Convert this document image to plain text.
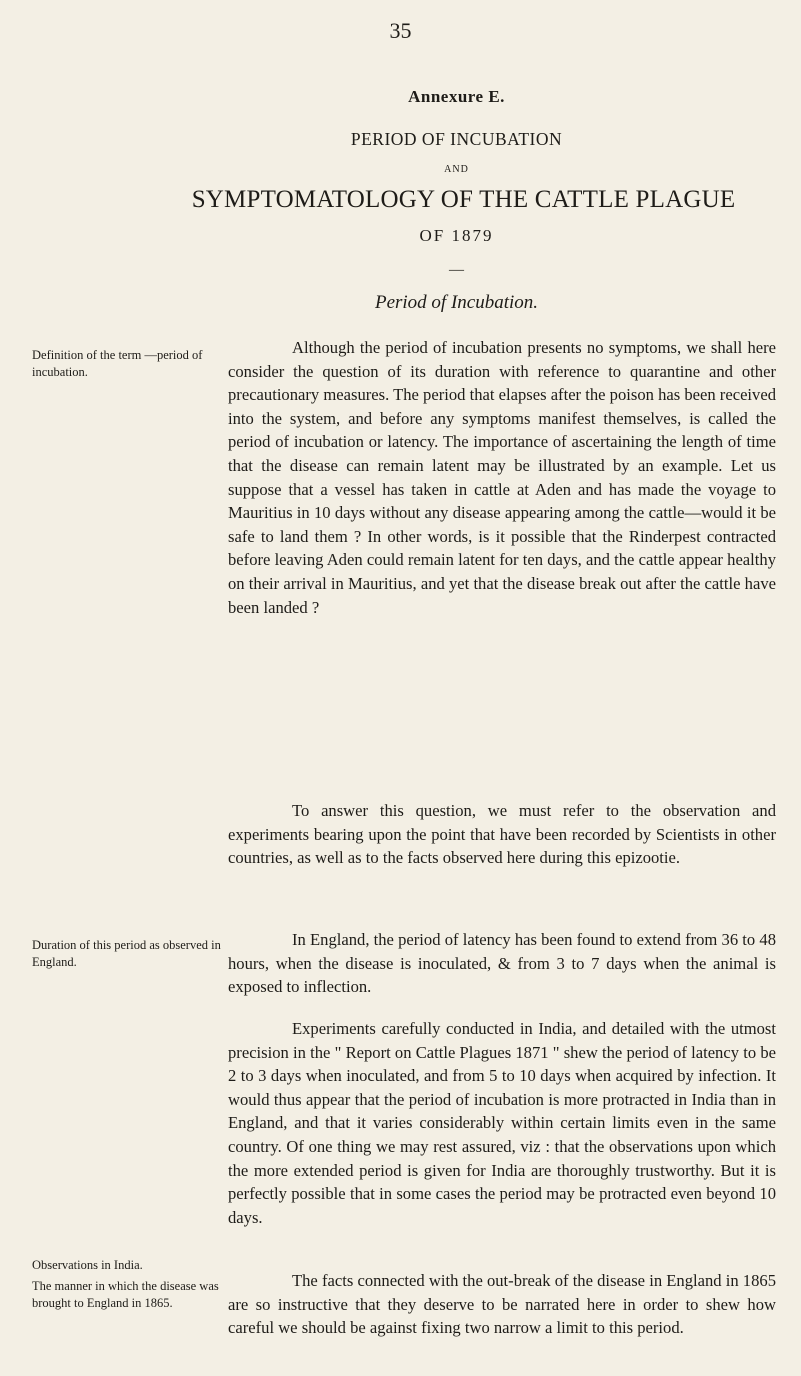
35
Annexure E.
PERIOD OF INCUBATION
AND
SYMPTOMATOLOGY OF THE CATTLE PLAGUE
OF 1879
—
Period of Incubation.

Definition of the term —period of incubation.

Although the period of incubation presents no symptoms, we shall here consider the question of its duration with reference to quarantine and other precautionary measures. The period that elapses after the poison has been received into the system, and before any symptoms manifest themselves, is called the period of incubation or latency. The importance of ascertaining the length of time that the disease can remain latent may be illustrated by an example. Let us suppose that a vessel has taken in cattle at Aden and has made the voyage to Mauritius in 10 days without any disease appearing among the cattle—would it be safe to land them ? In other words, is it possible that the Rinderpest contracted before leaving Aden could remain latent for ten days, and the cattle appear healthy on their arrival in Mauritius, and yet that the disease break out after the cattle have been landed ?

To answer this question, we must refer to the observation and experiments bearing upon the point that have been recorded by Scientists in other countries, as well as to the facts observed here during this epizootie.

Duration of this period as observed in England.

In England, the period of latency has been found to extend from 36 to 48 hours, when the disease is inoculated, & from 3 to 7 days when the animal is exposed to inflection.

Observations in India.

Experiments carefully conducted in India, and detailed with the utmost precision in the " Report on Cattle Plagues 1871 " shew the period of latency to be 2 to 3 days when inoculated, and from 5 to 10 days when acquired by infection. It would thus appear that the period of incubation is more protracted in India than in England, and that it varies considerably within certain limits even in the same country. Of one thing we may rest assured, viz : that the observations upon which the more extended period is given for India are thoroughly trustworthy. But it is perfectly possible that in some cases the period may be protracted even beyond 10 days.

The manner in which the disease was brought to England in 1865.

The facts connected with the out-break of the disease in England in 1865 are so instructive that they deserve to be narrated here in order to shew how careful we should be against fixing two narrow a limit to this period.
